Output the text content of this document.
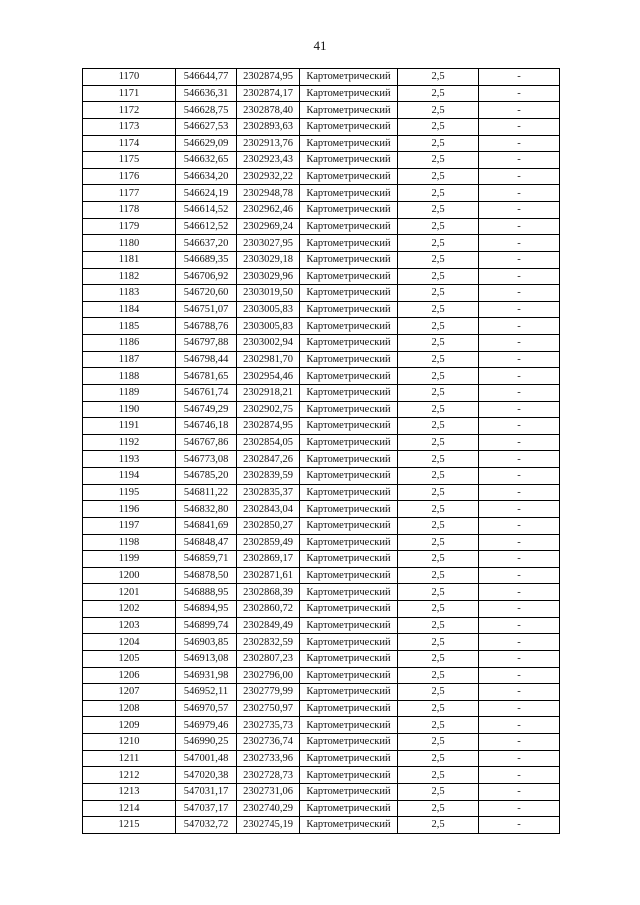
41
1170	546644,77	2302874,95	Картометрический	2,5	-
1171	546636,31	2302874,17	Картометрический	2,5	-
1172	546628,75	2302878,40	Картометрический	2,5	-
1173	546627,53	2302893,63	Картометрический	2,5	-
1174	546629,09	2302913,76	Картометрический	2,5	-
1175	546632,65	2302923,43	Картометрический	2,5	-
1176	546634,20	2302932,22	Картометрический	2,5	-
1177	546624,19	2302948,78	Картометрический	2,5	-
1178	546614,52	2302962,46	Картометрический	2,5	-
1179	546612,52	2302969,24	Картометрический	2,5	-
1180	546637,20	2303027,95	Картометрический	2,5	-
1181	546689,35	2303029,18	Картометрический	2,5	-
1182	546706,92	2303029,96	Картометрический	2,5	-
1183	546720,60	2303019,50	Картометрический	2,5	-
1184	546751,07	2303005,83	Картометрический	2,5	-
1185	546788,76	2303005,83	Картометрический	2,5	-
1186	546797,88	2303002,94	Картометрический	2,5	-
1187	546798,44	2302981,70	Картометрический	2,5	-
1188	546781,65	2302954,46	Картометрический	2,5	-
1189	546761,74	2302918,21	Картометрический	2,5	-
1190	546749,29	2302902,75	Картометрический	2,5	-
1191	546746,18	2302874,95	Картометрический	2,5	-
1192	546767,86	2302854,05	Картометрический	2,5	-
1193	546773,08	2302847,26	Картометрический	2,5	-
1194	546785,20	2302839,59	Картометрический	2,5	-
1195	546811,22	2302835,37	Картометрический	2,5	-
1196	546832,80	2302843,04	Картометрический	2,5	-
1197	546841,69	2302850,27	Картометрический	2,5	-
1198	546848,47	2302859,49	Картометрический	2,5	-
1199	546859,71	2302869,17	Картометрический	2,5	-
1200	546878,50	2302871,61	Картометрический	2,5	-
1201	546888,95	2302868,39	Картометрический	2,5	-
1202	546894,95	2302860,72	Картометрический	2,5	-
1203	546899,74	2302849,49	Картометрический	2,5	-
1204	546903,85	2302832,59	Картометрический	2,5	-
1205	546913,08	2302807,23	Картометрический	2,5	-
1206	546931,98	2302796,00	Картометрический	2,5	-
1207	546952,11	2302779,99	Картометрический	2,5	-
1208	546970,57	2302750,97	Картометрический	2,5	-
1209	546979,46	2302735,73	Картометрический	2,5	-
1210	546990,25	2302736,74	Картометрический	2,5	-
1211	547001,48	2302733,96	Картометрический	2,5	-
1212	547020,38	2302728,73	Картометрический	2,5	-
1213	547031,17	2302731,06	Картометрический	2,5	-
1214	547037,17	2302740,29	Картометрический	2,5	-
1215	547032,72	2302745,19	Картометрический	2,5	-
